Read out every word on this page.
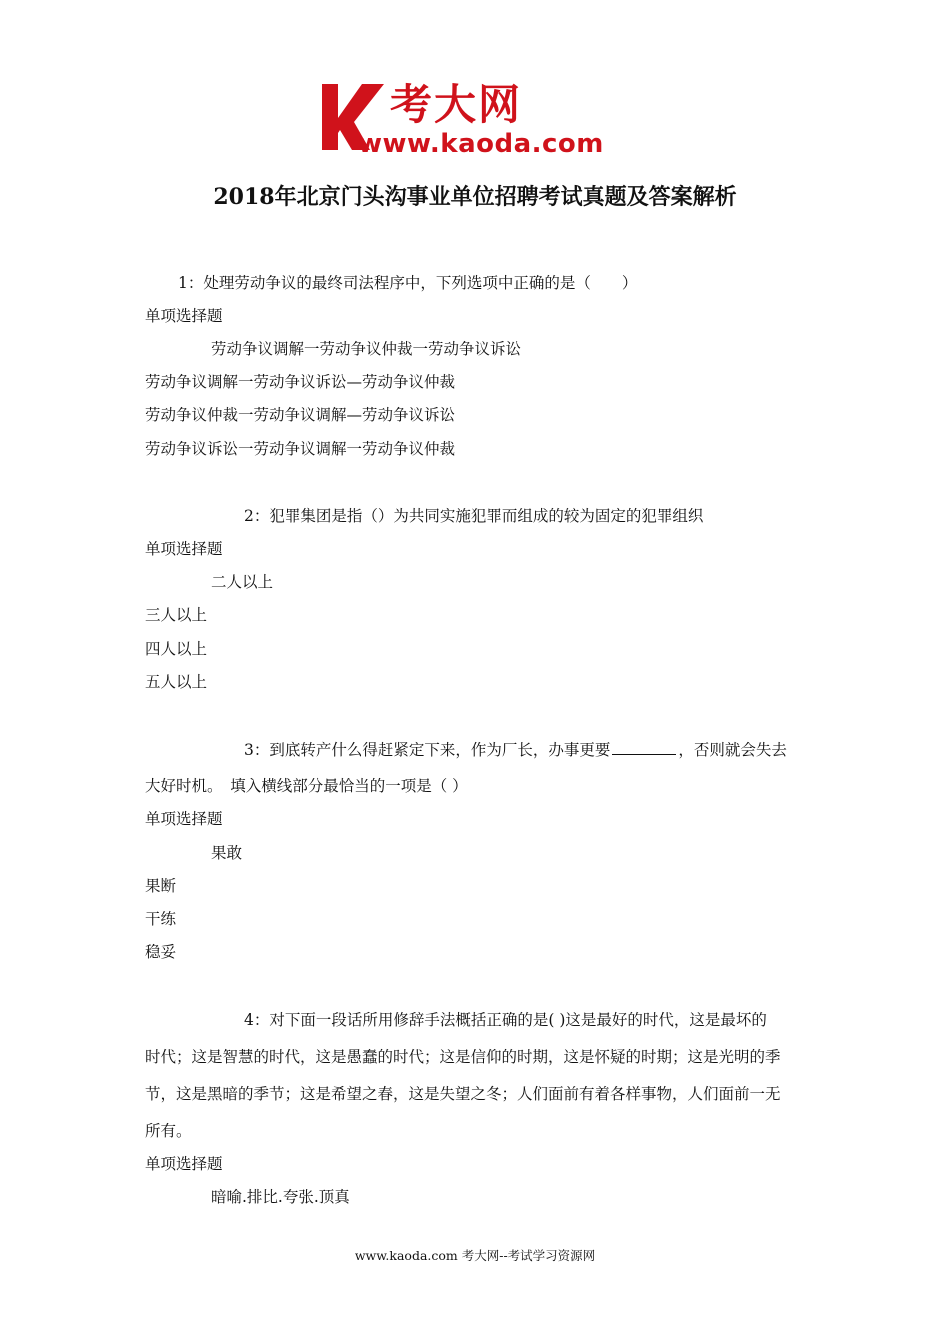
考大网
www.kaoda.com
2018年北京门头沟事业单位招聘考试真题及答案解析
1：处理劳动争议的最终司法程序中，下列选项中正确的是（　　）
单项选择题
劳动争议调解一劳动争议仲裁一劳动争议诉讼
劳动争议调解一劳动争议诉讼—劳动争议仲裁
劳动争议仲裁一劳动争议调解—劳动争议诉讼
劳动争议诉讼一劳动争议调解一劳动争议仲裁
2：犯罪集团是指（）为共同实施犯罪而组成的较为固定的犯罪组织
单项选择题
二人以上
三人以上
四人以上
五人以上
3：到底转产什么得赶紧定下来，作为厂长，办事更要	，否则就会失去
大好时机。　填入横线部分最恰当的一项是（ ）
单项选择题
果敢
果断
干练
稳妥
4：对下面一段话所用修辞手法概括正确的是( )这是最好的时代，这是最坏的
时代；这是智慧的时代，这是愚蠢的时代；这是信仰的时期，这是怀疑的时期；这是光明的季
节，这是黑暗的季节；这是希望之春，这是失望之冬；人们面前有着各样事物，人们面前一无
所有。
单项选择题
暗喻.排比.夸张.顶真
www.kaoda.com 考大网--考试学习资源网
